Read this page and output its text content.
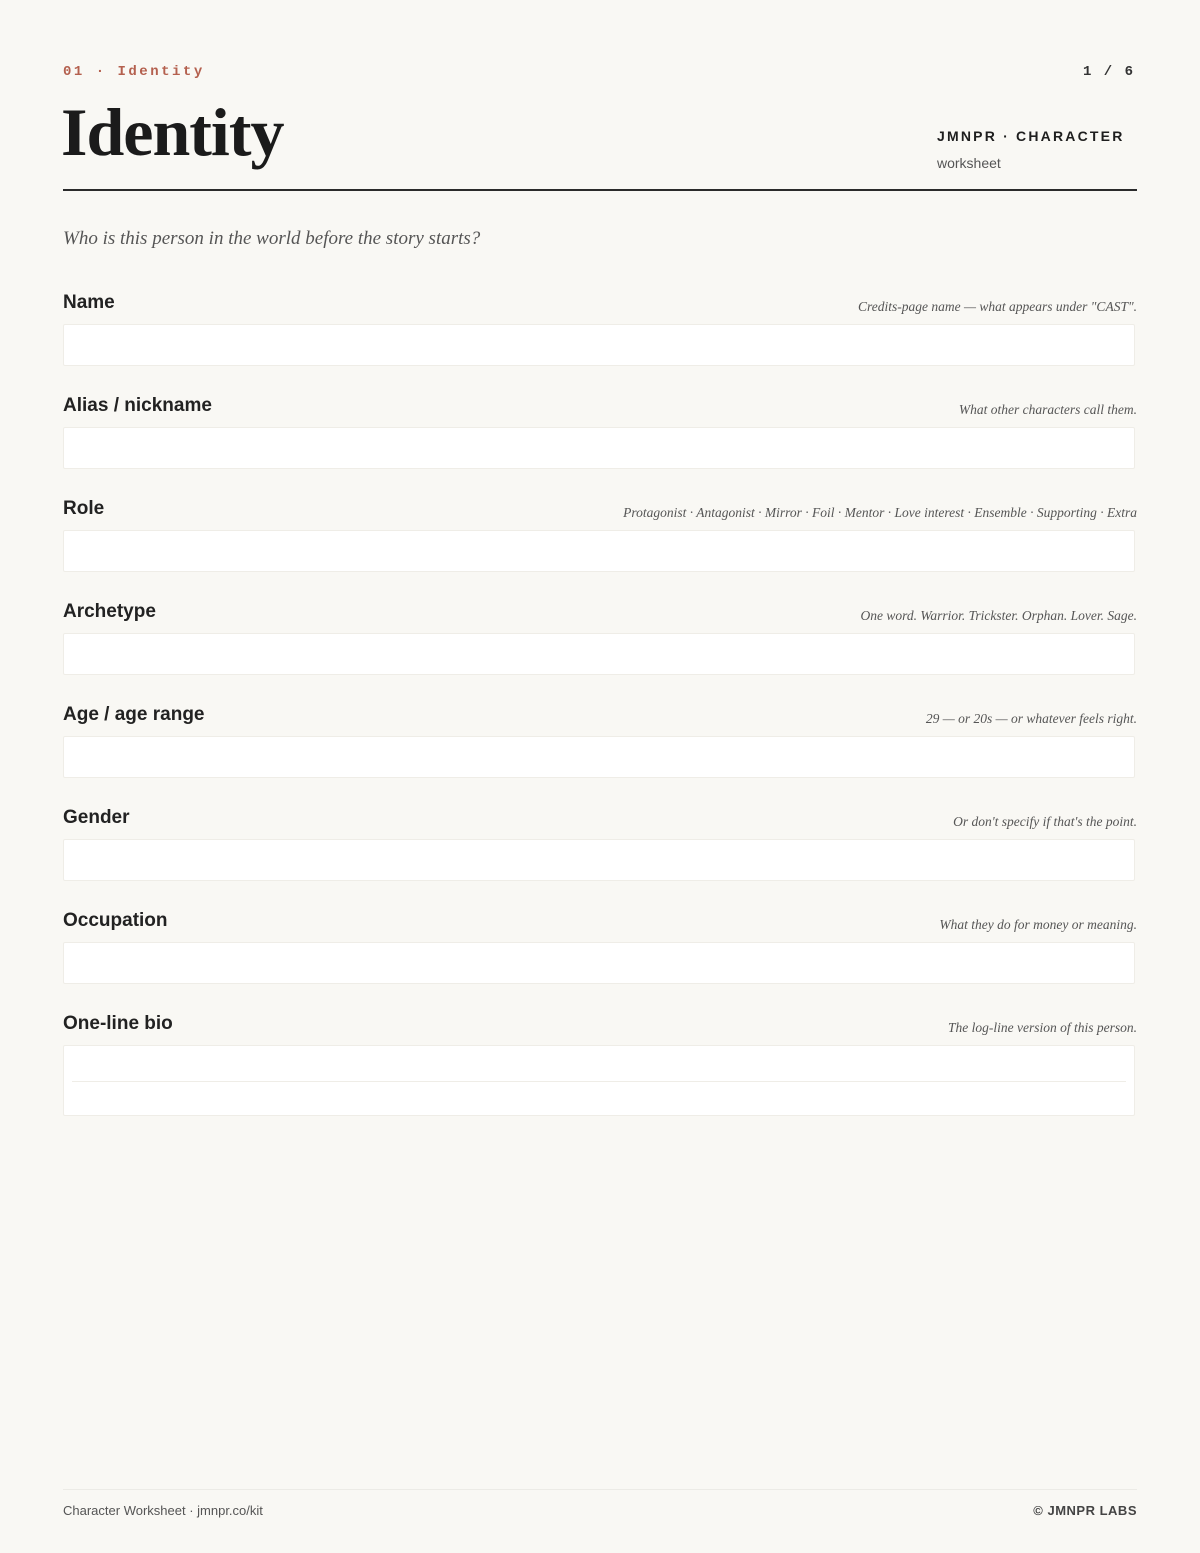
01 · Identity	1 / 6
Identity	JMNPR · CHARACTER
worksheet
Who is this person in the world before the story starts?
Name	Credits-page name — what appears under "CAST".
Alias / nickname	What other characters call them.
Role	Protagonist · Antagonist · Mirror · Foil · Mentor · Love interest · Ensemble · Supporting · Extra
Archetype	One word. Warrior. Trickster. Orphan. Lover. Sage.
Age / age range	29 — or 20s — or whatever feels right.
Gender	Or don't specify if that's the point.
Occupation	What they do for money or meaning.
One-line bio	The log-line version of this person.
Character Worksheet · jmnpr.co/kit	© JMNPR LABS
